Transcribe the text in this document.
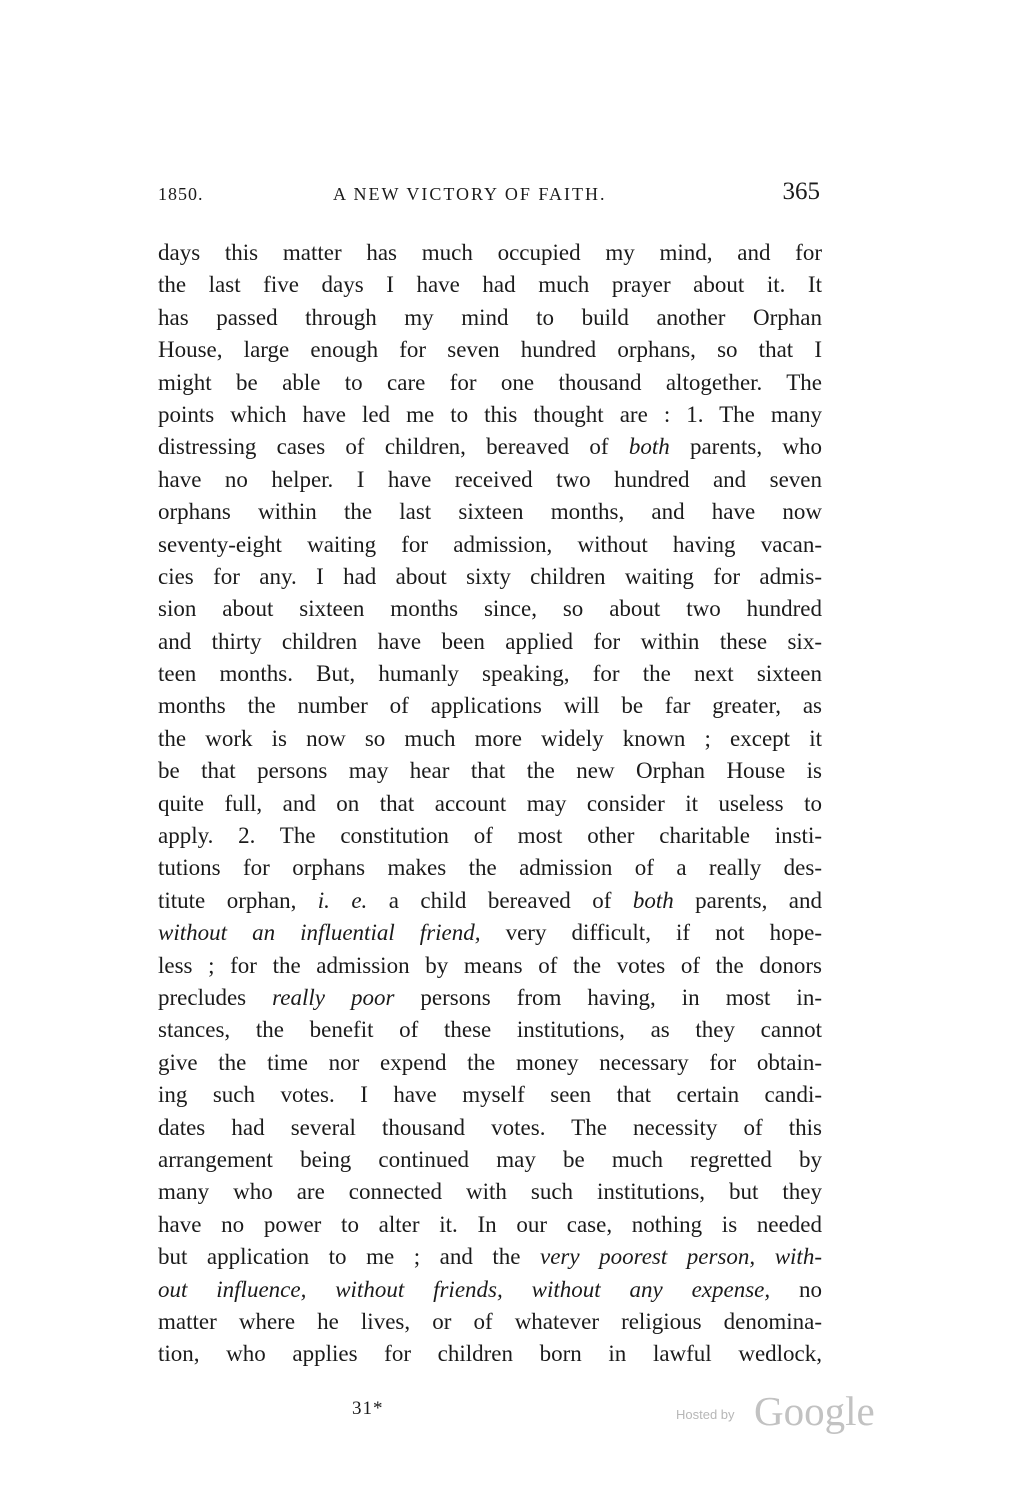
1850.	A NEW VICTORY OF FAITH.	365
days this matter has much occupied my mind, and for
the last five days I have had much prayer about it. It
has passed through my mind to build another Orphan
House, large enough for seven hundred orphans, so that I
might be able to care for one thousand altogether. The
points which have led me to this thought are : 1. The many
distressing cases of children, bereaved of both parents, who
have no helper. I have received two hundred and seven
orphans within the last sixteen months, and have now
seventy-eight waiting for admission, without having vacan-
cies for any. I had about sixty children waiting for admis-
sion about sixteen months since, so about two hundred
and thirty children have been applied for within these six-
teen months. But, humanly speaking, for the next sixteen
months the number of applications will be far greater, as
the work is now so much more widely known ; except it
be that persons may hear that the new Orphan House is
quite full, and on that account may consider it useless to
apply. 2. The constitution of most other charitable insti-
tutions for orphans makes the admission of a really des-
titute orphan, i. e. a child bereaved of both parents, and
without an influential friend, very difficult, if not hope-
less ; for the admission by means of the votes of the donors
precludes really poor persons from having, in most in-
stances, the benefit of these institutions, as they cannot
give the time nor expend the money necessary for obtain-
ing such votes. I have myself seen that certain candi-
dates had several thousand votes. The necessity of this
arrangement being continued may be much regretted by
many who are connected with such institutions, but they
have no power to alter it. In our case, nothing is needed
but application to me ; and the very poorest person, with-
out influence, without friends, without any expense, no
matter where he lives, or of whatever religious denomina-
tion, who applies for children born in lawful wedlock,
31*	Hosted by Google
